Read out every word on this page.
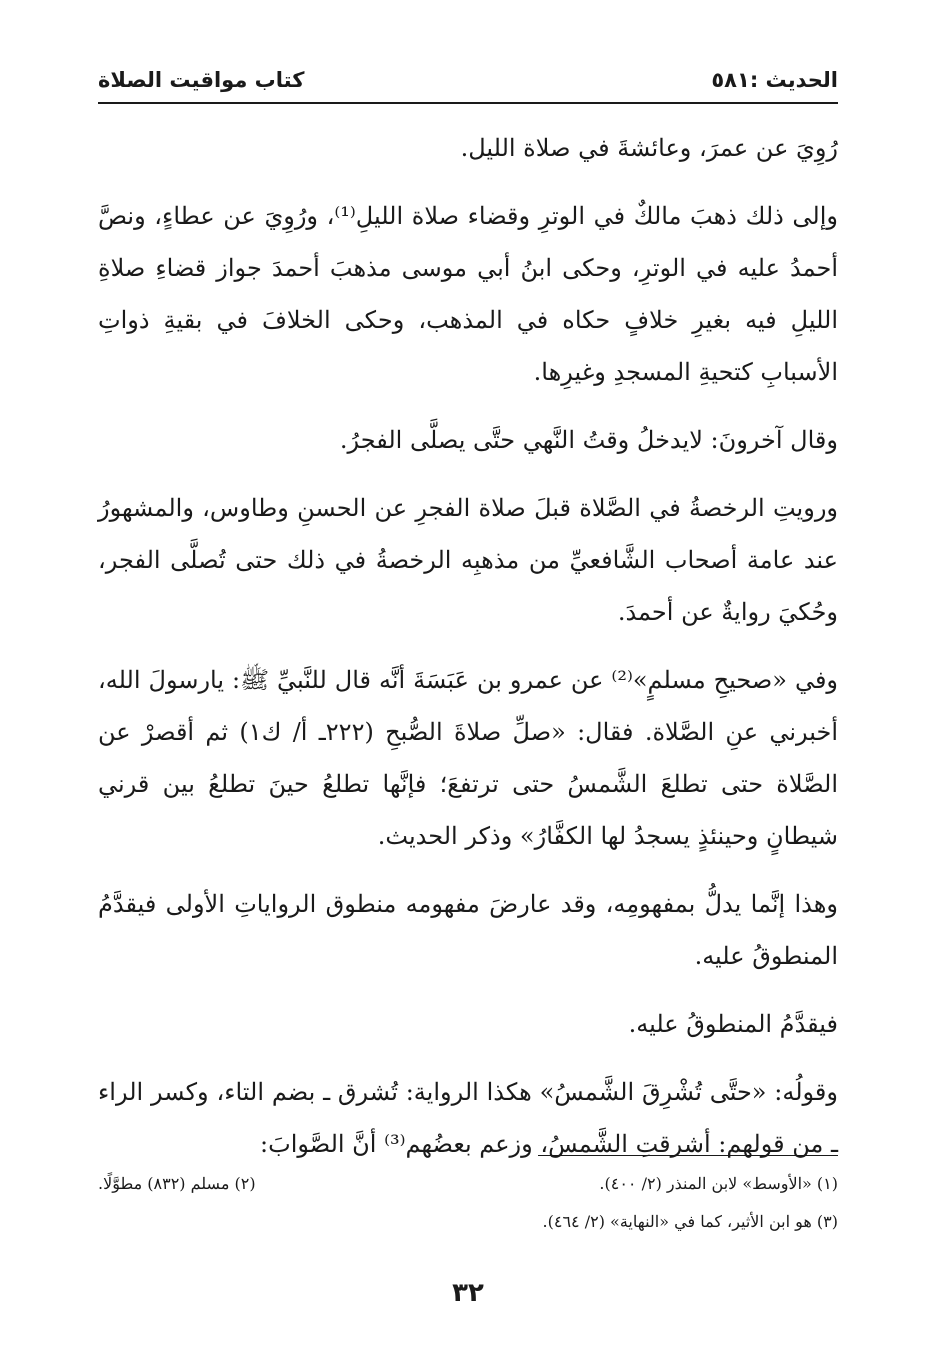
الحديث :٥٨١
كتاب مواقيت الصلاة

رُوِيَ عن عمرَ، وعائشةَ في صلاة الليل.

وإلى ذلك ذهبَ مالكٌ في الوترِ وقضاء صلاة الليلِ⁽¹⁾، ورُوِيَ عن عطاءٍ، ونصَّ أحمدُ عليه في الوترِ، وحكى ابنُ أبي موسى مذهبَ أحمدَ جواز قضاءِ صلاةِ الليلِ فيه بغيرِ خلافٍ حكاه في المذهب، وحكى الخلافَ في بقيةِ ذواتِ الأسبابِ كتحيةِ المسجدِ وغيرِها.

وقال آخرونَ: لايدخلُ وقتُ النَّهي حتَّى يصلَّى الفجرُ.

ورويتِ الرخصةُ في الصَّلاة قبلَ صلاة الفجرِ عن الحسنِ وطاوس، والمشهورُ عند عامة أصحاب الشَّافعيِّ من مذهبِه الرخصةُ في ذلك حتى تُصلَّى الفجر، وحُكيَ روايةٌ عن أحمدَ.

وفي «صحيحِ مسلمٍ»⁽²⁾ عن عمرو بن عَبَسَةَ أنَّه قال للنَّبيِّ ﷺ: يارسولَ الله، أخبرني عنِ الصَّلاة. فقال: «صلِّ صلاةَ الصُّبحِ (٢٢٢ـ أ/ ك١) ثم أقصرْ عن الصَّلاة حتى تطلعَ الشَّمسُ حتى ترتفعَ؛ فإنَّها تطلعُ حينَ تطلعُ بين قرني شيطانٍ وحينئذٍ يسجدُ لها الكفَّارُ» وذكر الحديث.

وهذا إنَّما يدلُّ بمفهومِه، وقد عارضَ مفهومه منطوق الرواياتِ الأولى فيقدَّمُ المنطوقُ عليه.

فيقدَّمُ المنطوقُ عليه.

وقولُه: «حتَّى تُشْرِقَ الشَّمسُ» هكذا الرواية: تُشرق ـ بضم التاء، وكسر الراء ـ من قولهم: أشرقتِ الشَّمسُ، وزعم بعضُهم⁽³⁾ أنَّ الصَّوابَ:

(١) «الأوسط» لابن المنذر (٢/ ٤٠٠).
(٢) مسلم (٨٣٢) مطوَّلًا.
(٣) هو ابن الأثير، كما في «النهاية» (٢/ ٤٦٤).
٣٢
